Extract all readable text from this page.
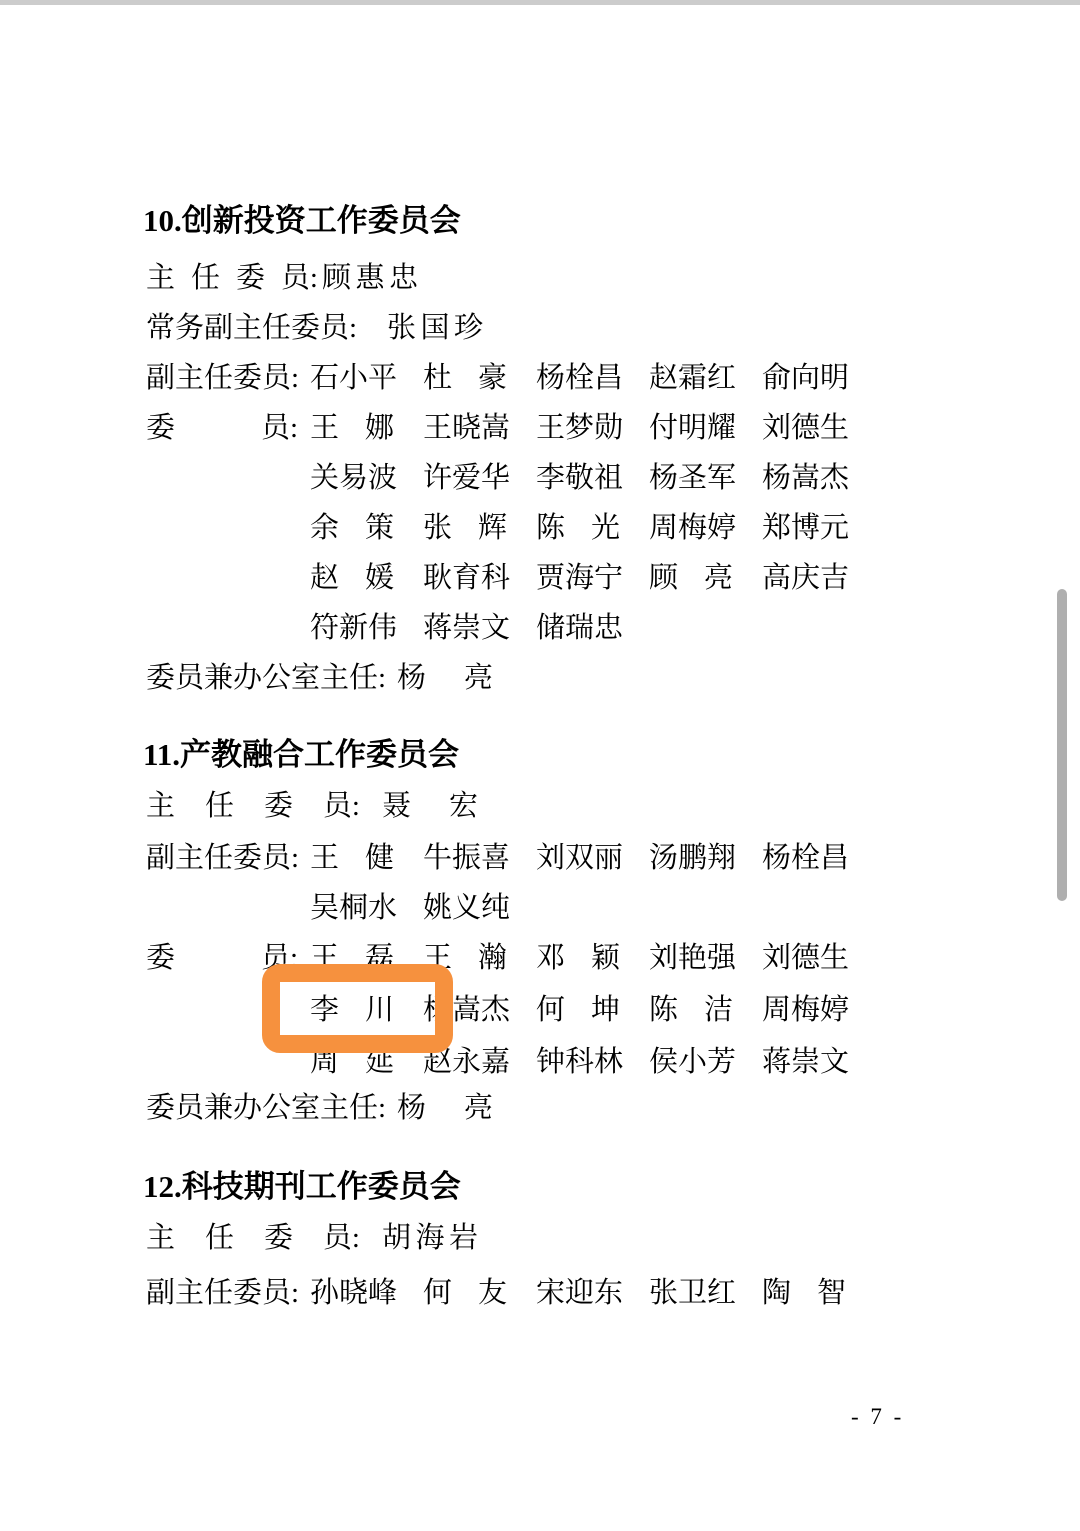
10.创新投资工作委员会
主 任 委 员: 顾惠忠
常务副主任委员: 张国珍
副主任委员: 石小平 杜豪 杨栓昌 赵霜红 俞向明
委	员: 王娜 王晓嵩 王梦勋 付明耀 刘德生
关易波 许爱华 李敬祖 杨圣军 杨嵩杰
余策 张辉 陈光 周梅婷 郑博元
赵媛 耿育科 贾海宁 顾亮 高庆吉
符新伟 蒋崇文 储瑞忠
委员兼办公室主任: 杨亮
11.产教融合工作委员会
主 任 委 员: 聂宏
副主任委员: 王健 牛振喜 刘双丽 汤鹏翔 杨栓昌
吴桐水 姚义纯
委	员: 王磊 王瀚 邓颖 刘艳强 刘德生
李川 杨嵩杰 何坤 陈洁 周梅婷
周延 赵永嘉 钟科林 侯小芳 蒋崇文
委员兼办公室主任: 杨亮
12.科技期刊工作委员会
主 任 委 员: 胡海岩
副主任委员: 孙晓峰 何友 宋迎东 张卫红 陶智
- 7 -
